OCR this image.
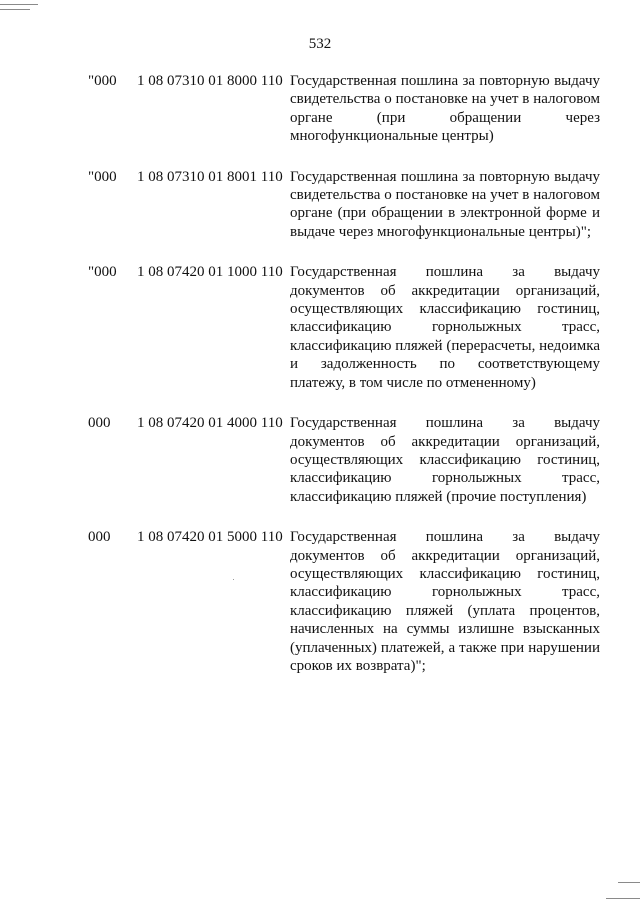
532
"000	1 08 07310 01 8000 110 Государственная пошлина за повторную выдачу свидетельства о постановке на учет в налоговом органе (при обращении через многофункциональные центры)
"000	1 08 07310 01 8001 110 Государственная пошлина за повторную выдачу свидетельства о постановке на учет в налоговом органе (при обращении в электронной форме и выдаче через многофункциональные центры)";
"000	1 08 07420 01 1000 110 Государственная пошлина за выдачу документов об аккредитации организаций, осуществляющих классификацию гостиниц, классификацию горнолыжных трасс, классификацию пляжей (перерасчеты, недоимка и задолженность по соответствующему платежу, в том числе по отмененному)
000	1 08 07420 01 4000 110 Государственная пошлина за выдачу документов об аккредитации организаций, осуществляющих классификацию гостиниц, классификацию горнолыжных трасс, классификацию пляжей (прочие поступления)
000	1 08 07420 01 5000 110 Государственная пошлина за выдачу документов об аккредитации организаций, осуществляющих классификацию гостиниц, классификацию горнолыжных трасс, классификацию пляжей (уплата процентов, начисленных на суммы излишне взысканных (уплаченных) платежей, а также при нарушении сроков их возврата)";
